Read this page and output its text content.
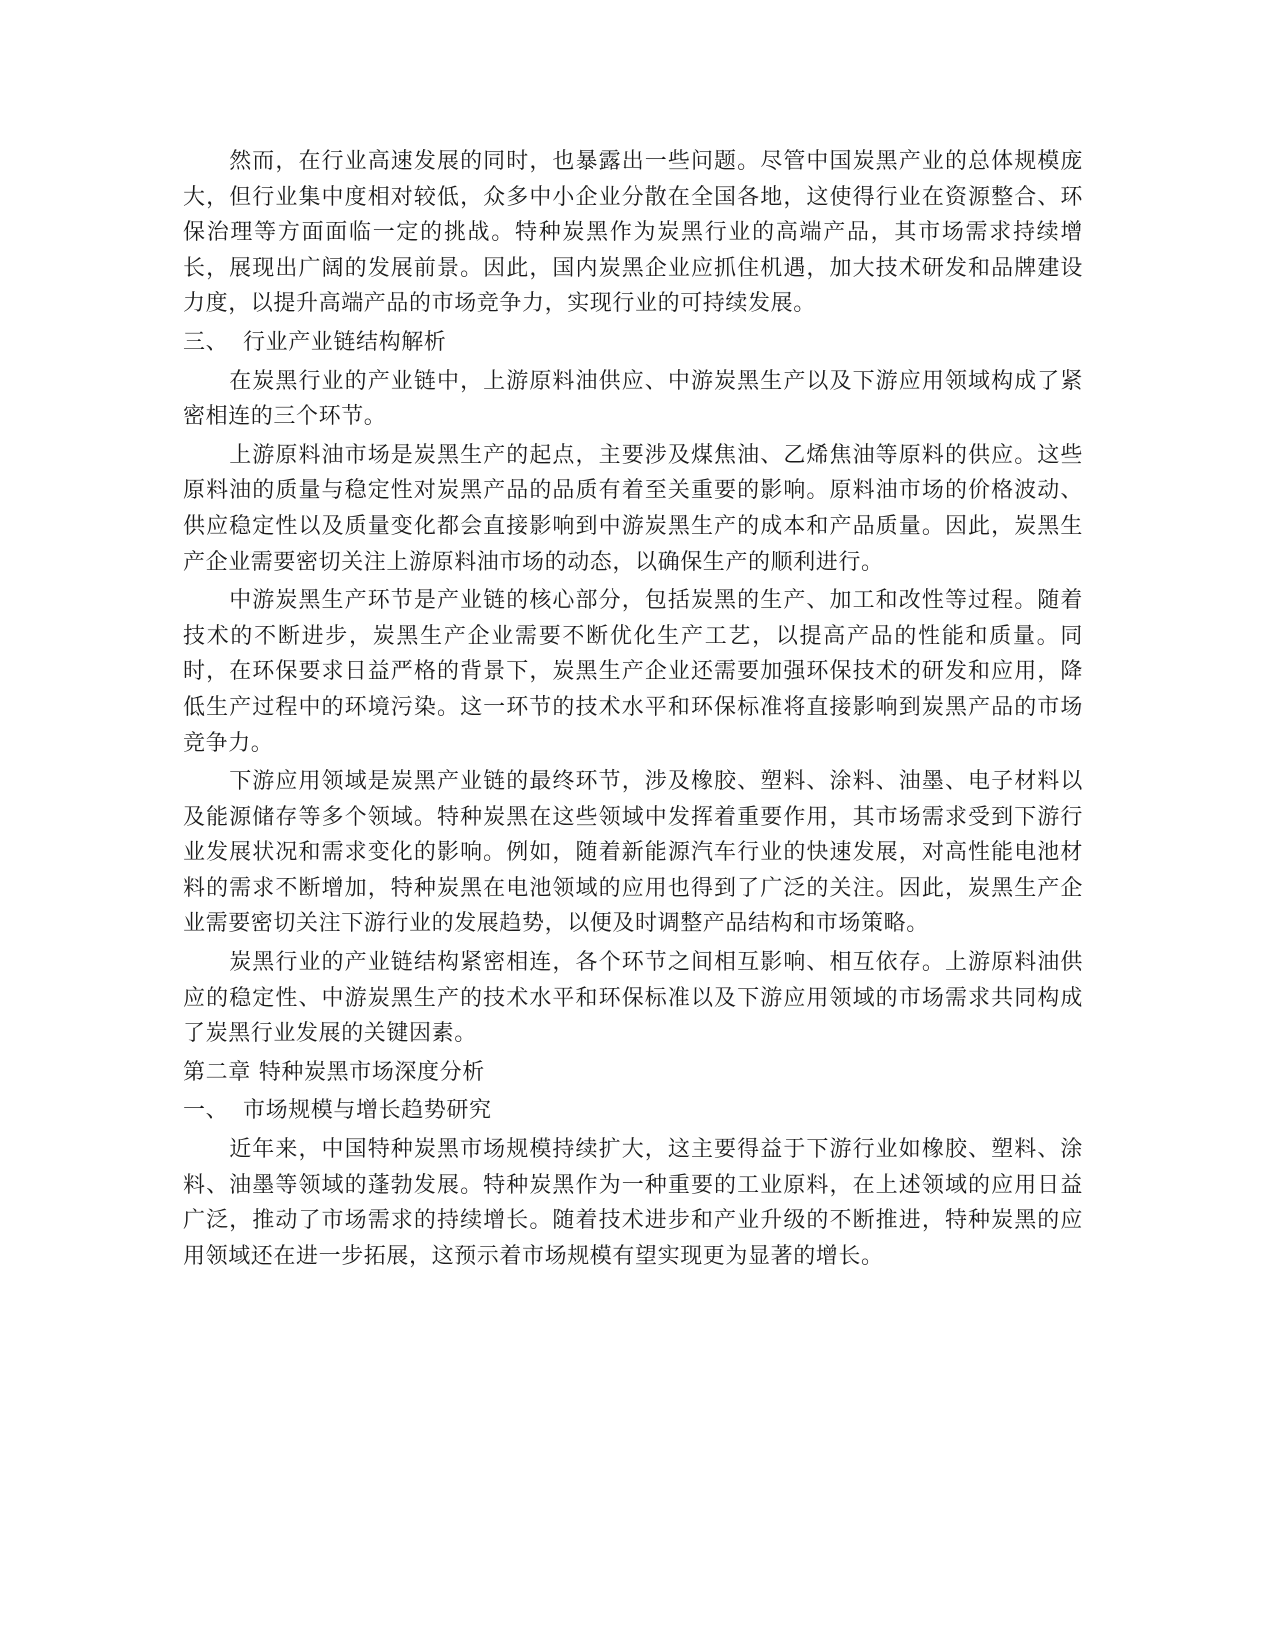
然而，在行业高速发展的同时，也暴露出一些问题。尽管中国炭黑产业的总体规模庞大，但行业集中度相对较低，众多中小企业分散在全国各地，这使得行业在资源整合、环保治理等方面面临一定的挑战。特种炭黑作为炭黑行业的高端产品，其市场需求持续增长，展现出广阔的发展前景。因此，国内炭黑企业应抓住机遇，加大技术研发和品牌建设力度，以提升高端产品的市场竞争力，实现行业的可持续发展。

三、 行业产业链结构解析

在炭黑行业的产业链中，上游原料油供应、中游炭黑生产以及下游应用领域构成了紧密相连的三个环节。

上游原料油市场是炭黑生产的起点，主要涉及煤焦油、乙烯焦油等原料的供应。这些原料油的质量与稳定性对炭黑产品的品质有着至关重要的影响。原料油市场的价格波动、供应稳定性以及质量变化都会直接影响到中游炭黑生产的成本和产品质量。因此，炭黑生产企业需要密切关注上游原料油市场的动态，以确保生产的顺利进行。

中游炭黑生产环节是产业链的核心部分，包括炭黑的生产、加工和改性等过程。随着技术的不断进步，炭黑生产企业需要不断优化生产工艺，以提高产品的性能和质量。同时，在环保要求日益严格的背景下，炭黑生产企业还需要加强环保技术的研发和应用，降低生产过程中的环境污染。这一环节的技术水平和环保标准将直接影响到炭黑产品的市场竞争力。

下游应用领域是炭黑产业链的最终环节，涉及橡胶、塑料、涂料、油墨、电子材料以及能源储存等多个领域。特种炭黑在这些领域中发挥着重要作用，其市场需求受到下游行业发展状况和需求变化的影响。例如，随着新能源汽车行业的快速发展，对高性能电池材料的需求不断增加，特种炭黑在电池领域的应用也得到了广泛的关注。因此，炭黑生产企业需要密切关注下游行业的发展趋势，以便及时调整产品结构和市场策略。

炭黑行业的产业链结构紧密相连，各个环节之间相互影响、相互依存。上游原料油供应的稳定性、中游炭黑生产的技术水平和环保标准以及下游应用领域的市场需求共同构成了炭黑行业发展的关键因素。

第二章 特种炭黑市场深度分析

一、 市场规模与增长趋势研究

近年来，中国特种炭黑市场规模持续扩大，这主要得益于下游行业如橡胶、塑料、涂料、油墨等领域的蓬勃发展。特种炭黑作为一种重要的工业原料，在上述领域的应用日益广泛，推动了市场需求的持续增长。随着技术进步和产业升级的不断推进，特种炭黑的应用领域还在进一步拓展，这预示着市场规模有望实现更为显著的增长。
